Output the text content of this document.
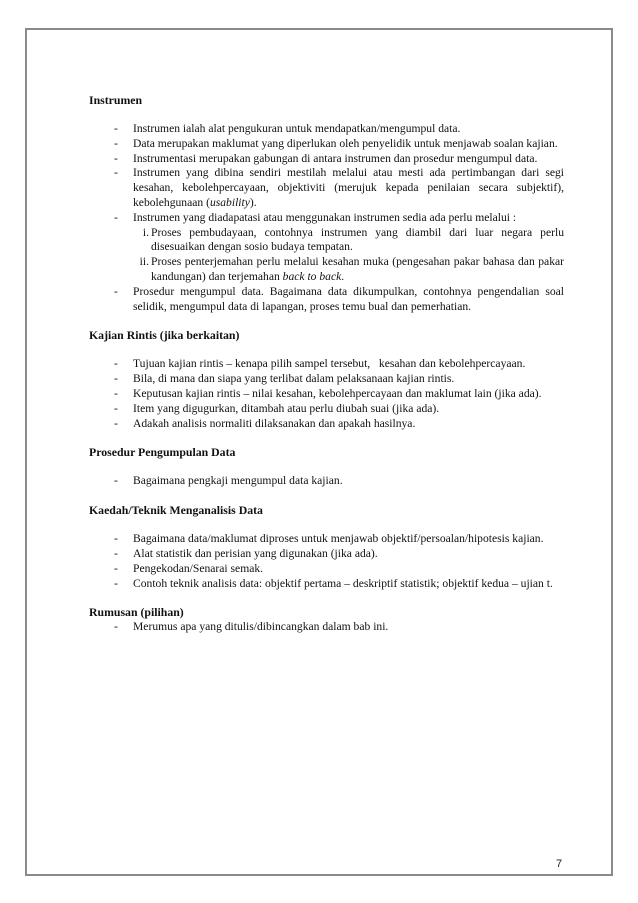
Instrumen
- Instrumen ialah alat pengukuran untuk mendapatkan/mengumpul data.
- Data merupakan maklumat yang diperlukan oleh penyelidik untuk menjawab soalan kajian.
- Instrumentasi merupakan gabungan di antara instrumen dan prosedur mengumpul data.
- Instrumen yang dibina sendiri mestilah melalui atau mesti ada pertimbangan dari segi kesahan, kebolehpercayaan, objektiviti (merujuk kepada penilaian secara subjektif), kebolehgunaan (usability).
- Instrumen yang diadapatasi atau menggunakan instrumen sedia ada perlu melalui :
i. Proses pembudayaan, contohnya instrumen yang diambil dari luar negara perlu disesuaikan dengan sosio budaya tempatan.
ii. Proses penterjemahan perlu melalui kesahan muka (pengesahan pakar bahasa dan pakar kandungan) dan terjemahan back to back.
- Prosedur mengumpul data. Bagaimana data dikumpulkan, contohnya pengendalian soal selidik, mengumpul data di lapangan, proses temu bual dan pemerhatian.
Kajian Rintis (jika berkaitan)
- Tujuan kajian rintis – kenapa pilih sampel tersebut,   kesahan dan kebolehpercayaan.
- Bila, di mana dan siapa yang terlibat dalam pelaksanaan kajian rintis.
- Keputusan kajian rintis – nilai kesahan, kebolehpercayaan dan maklumat lain (jika ada).
- Item yang digugurkan, ditambah atau perlu diubah suai (jika ada).
- Adakah analisis normaliti dilaksanakan dan apakah hasilnya.
Prosedur Pengumpulan Data
- Bagaimana pengkaji mengumpul data kajian.
Kaedah/Teknik Menganalisis Data
- Bagaimana data/maklumat diproses untuk menjawab objektif/persoalan/hipotesis kajian.
- Alat statistik dan perisian yang digunakan (jika ada).
- Pengekodan/Senarai semak.
- Contoh teknik analisis data: objektif pertama – deskriptif statistik; objektif kedua – ujian t.
Rumusan (pilihan)
- Merumus apa yang ditulis/dibincangkan dalam bab ini.
7
